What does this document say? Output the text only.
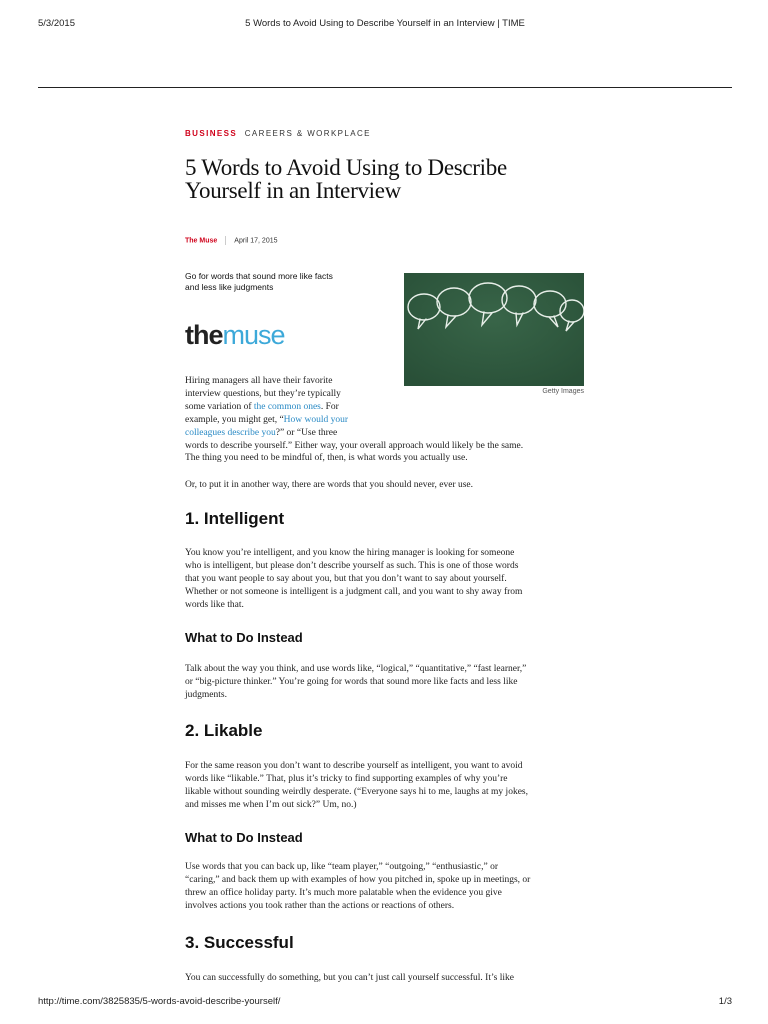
5/3/2015	5 Words to Avoid Using to Describe Yourself in an Interview | TIME
BUSINESS CAREERS & WORKPLACE
5 Words to Avoid Using to Describe
Yourself in an Interview
The Muse April 17, 2015
Go for words that sound more like facts and less like judgments
themuse
Getty Images
Hiring managers all have their favorite
interview questions, but they’re typically
some variation of the common ones. For
example, you might get, “How would your
colleagues describe you?” or “Use three
words to describe yourself.” Either way, your overall approach would likely be the same.
The thing you need to be mindful of, then, is what words you actually use.
Or, to put it in another way, there are words that you should never, ever use.
1. Intelligent
You know you’re intelligent, and you know the hiring manager is looking for someone
who is intelligent, but please don’t describe yourself as such. This is one of those words
that you want people to say about you, but that you don’t want to say about yourself.
Whether or not someone is intelligent is a judgment call, and you want to shy away from
words like that.
What to Do Instead
Talk about the way you think, and use words like, “logical,” “quantitative,” “fast learner,”
or “big-picture thinker.” You’re going for words that sound more like facts and less like
judgments.
2. Likable
For the same reason you don’t want to describe yourself as intelligent, you want to avoid
words like “likable.” That, plus it’s tricky to find supporting examples of why you’re
likable without sounding weirdly desperate. (“Everyone says hi to me, laughs at my jokes,
and misses me when I’m out sick?” Um, no.)
What to Do Instead
Use words that you can back up, like “team player,” “outgoing,” “enthusiastic,” or
“caring,” and back them up with examples of how you pitched in, spoke up in meetings, or
threw an office holiday party. It’s much more palatable when the evidence you give
involves actions you took rather than the actions or reactions of others.
3. Successful
You can successfully do something, but you can’t just call yourself successful. It’s like
http://time.com/3825835/5-words-avoid-describe-yourself/	1/3
